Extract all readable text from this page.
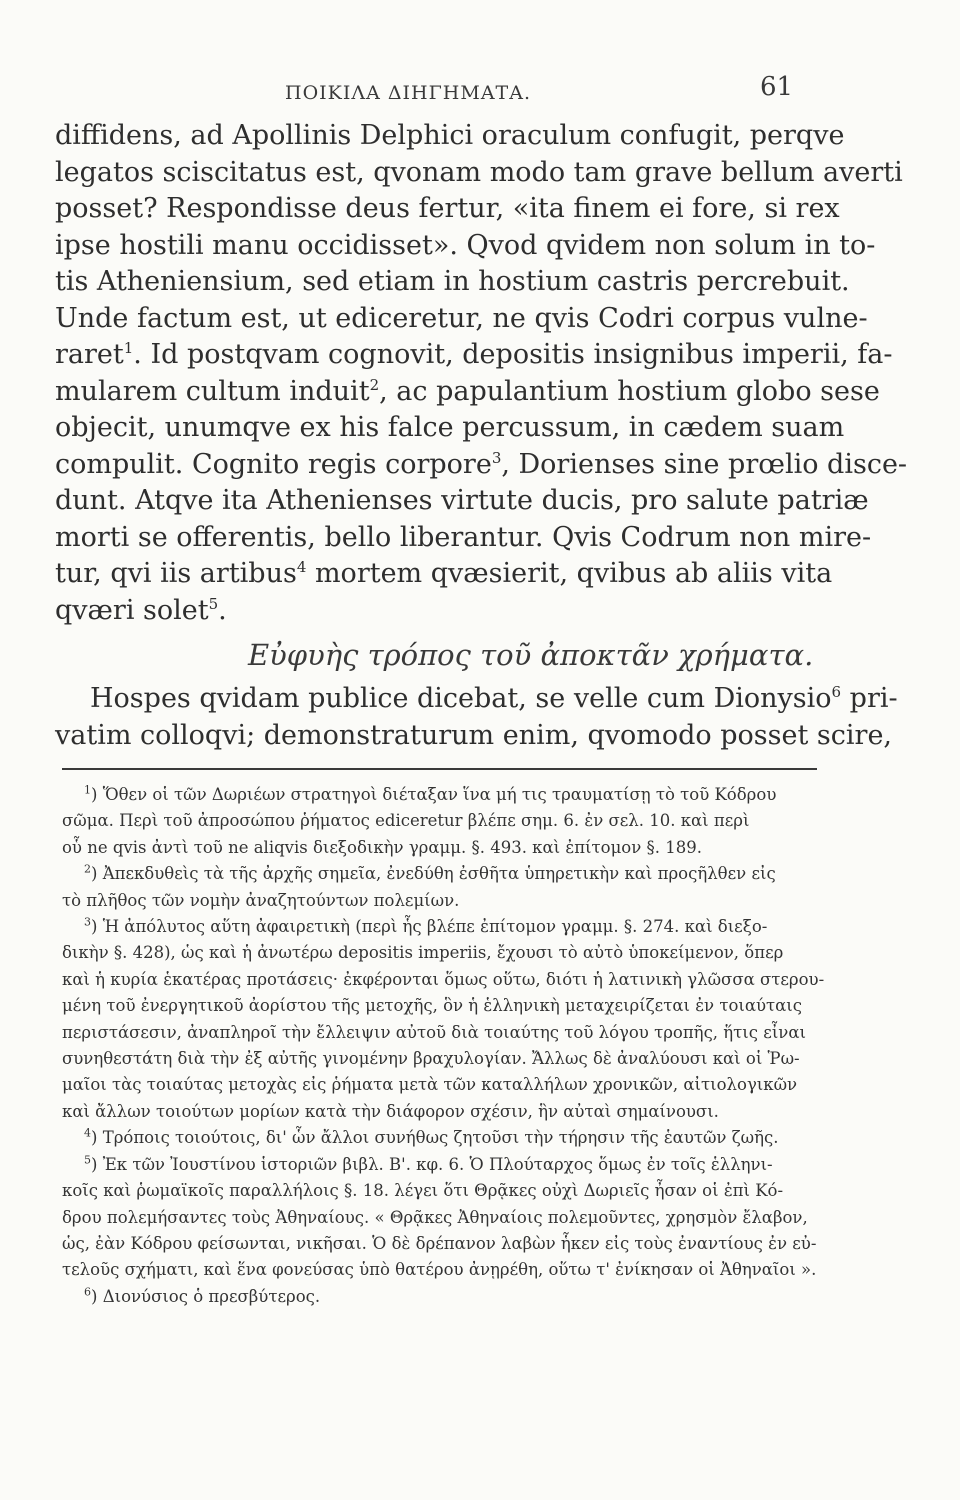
ΠΟΙΚΙΛΑ ΔΙΗΓΗΜΑΤΑ.	61
diffidens, ad Apollinis Delphici oraculum confugit, perqve
legatos sciscitatus est, qvonam modo tam grave bellum averti
posset? Respondisse deus fertur, «ita finem ei fore, si rex
ipse hostili manu occidisset». Qvod qvidem non solum in to-
tis Atheniensium, sed etiam in hostium castris percrebuit.
Unde factum est, ut ediceretur, ne qvis Codri corpus vulne-
raret$^1$. Id postqvam cognovit, depositis insignibus imperii, fa-
mularem cultum induit$^2$, ac papulantium hostium globo sese
objecit, unumqve ex his falce percussum, in cædem suam
compulit. Cognito regis corpore$^3$, Dorienses sine prœlio disce-
dunt. Atqve ita Athenienses virtute ducis, pro salute patriæ
morti se offerentis, bello liberantur. Qvis Codrum non mire-
tur, qvi iis artibus$^4$ mortem qvæsierit, qvibus ab aliis vita
qværi solet$^5$.
Εὐφυὴς τρόπος τοῦ ἀποκτᾶν χρήματα.
Hospes qvidam publice dicebat, se velle cum Dionysio$^6$ pri-
vatim colloqvi; demonstraturum enim, qvomodo posset scire,
$^1$) Ὅθεν οἱ τῶν Δωριέων στρατηγοὶ διέταξαν ἵνα μή τις τραυματίσῃ τὸ τοῦ Κόδρου
σῶμα. Περὶ τοῦ ἀπροσώπου ῥήματος ediceretur βλέπε σημ. 6. ἐν σελ. 10. καὶ περὶ
οὗ ne qvis ἀντὶ τοῦ ne aliqvis διεξοδικὴν γραμμ. §. 493. καὶ ἐπίτομον §. 189.
$^2$) Ἀπεκδυθεὶς τὰ τῆς ἀρχῆς σημεῖα, ἐνεδύθη ἐσθῆτα ὑπηρετικὴν καὶ προςῆλθεν εἰς
τὸ πλῆθος τῶν νομὴν ἀναζητούντων πολεμίων.
$^3$) Ἡ ἀπόλυτος αὕτη ἀφαιρετικὴ (περὶ ἧς βλέπε ἐπίτομον γραμμ. §. 274. καὶ διεξο-
δικὴν §. 428), ὡς καὶ ἡ ἀνωτέρω depositis imperiis, ἔχουσι τὸ αὐτὸ ὑποκείμενον, ὅπερ
καὶ ἡ κυρία ἑκατέρας προτάσεις· ἐκφέρονται ὅμως οὕτω, διότι ἡ λατινικὴ γλῶσσα στερου-
μένη τοῦ ἐνεργητικοῦ ἀορίστου τῆς μετοχῆς, ὃν ἡ ἑλληνικὴ μεταχειρίζεται ἐν τοιαύταις
περιστάσεσιν, ἀναπληροῖ τὴν ἔλλειψιν αὐτοῦ διὰ τοιαύτης τοῦ λόγου τροπῆς, ἥτις εἶναι
συνηθεστάτη διὰ τὴν ἐξ αὐτῆς γινομένην βραχυλογίαν. Ἄλλως δὲ ἀναλύουσι καὶ οἱ Ῥω-
μαῖοι τὰς τοιαύτας μετοχὰς εἰς ῥήματα μετὰ τῶν καταλλήλων χρονικῶν, αἰτιολογικῶν
καὶ ἄλλων τοιούτων μορίων κατὰ τὴν διάφορον σχέσιν, ἣν αὐταὶ σημαίνουσι.
$^4$) Τρόποις τοιούτοις, δι' ὧν ἄλλοι συνήθως ζητοῦσι τὴν τήρησιν τῆς ἑαυτῶν ζωῆς.
$^5$) Ἐκ τῶν Ἰουστίνου ἱστοριῶν βιβλ. Β'. κφ. 6. Ὁ Πλούταρχος ὅμως ἐν τοῖς ἑλληνι-
κοῖς καὶ ῥωμαϊκοῖς παραλλήλοις §. 18. λέγει ὅτι Θρᾷκες οὐχὶ Δωριεῖς ἦσαν οἱ ἐπὶ Κό-
δρου πολεμήσαντες τοὺς Ἀθηναίους. « Θρᾷκες Ἀθηναίοις πολεμοῦντες, χρησμὸν ἔλαβον,
ὡς, ἐὰν Κόδρου φείσωνται, νικῆσαι. Ὁ δὲ δρέπανον λαβὼν ἧκεν εἰς τοὺς ἐναντίους ἐν εὐ-
τελοῦς σχήματι, καὶ ἕνα φονεύσας ὑπὸ θατέρου ἀνῃρέθη, οὕτω τ' ἐνίκησαν οἱ Ἀθηναῖοι ».
$^6$) Διονύσιος ὁ πρεσβύτερος.
